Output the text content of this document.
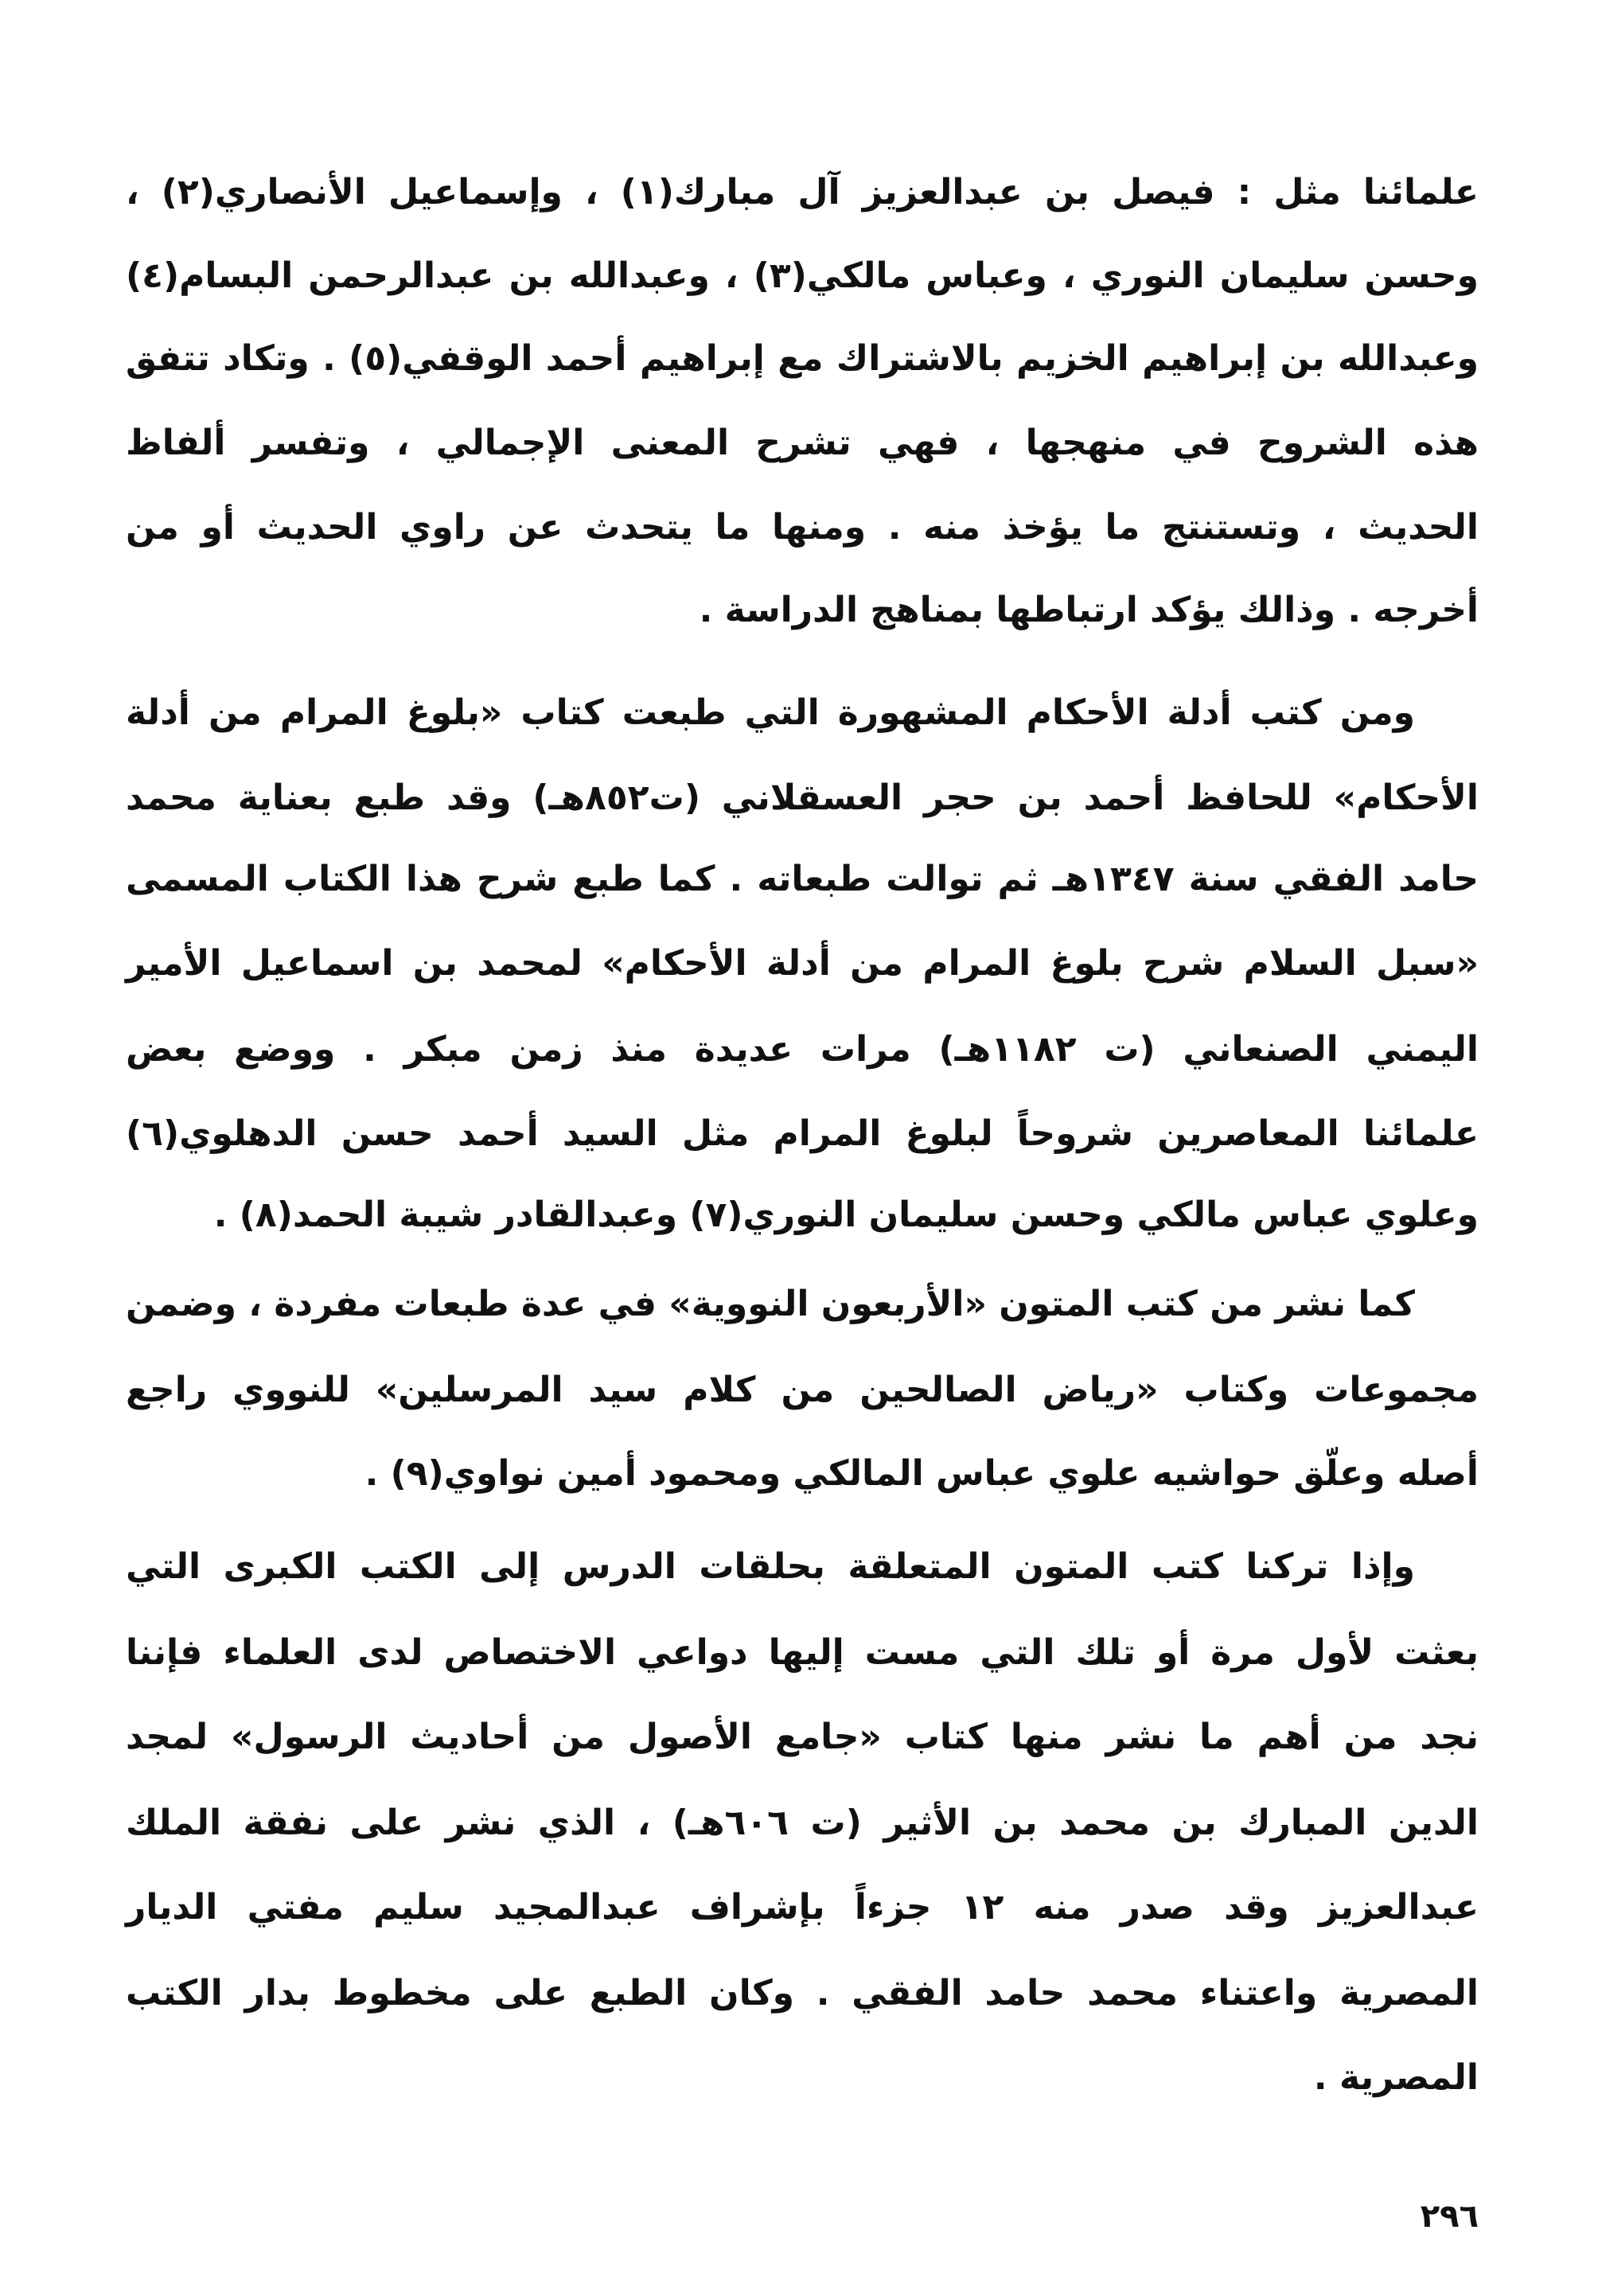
علمائنا مثل : فيصل بن عبدالعزيز آل مبارك(١) ، وإسماعيل الأنصاري(٢) ،
وحسن سليمان النوري ، وعباس مالكي(٣) ، وعبدالله بن عبدالرحمن البسام(٤)
وعبدالله بن إبراهيم الخزيم بالاشتراك مع إبراهيم أحمد الوقفي(٥) . وتكاد تتفق
هذه الشروح في منهجها ، فهي تشرح المعنى الإجمالي ، وتفسر ألفاظ
الحديث ، وتستنتج ما يؤخذ منه . ومنها ما يتحدث عن راوي الحديث أو من
أخرجه . وذالك يؤكد ارتباطها بمناهج الدراسة .
ومن كتب أدلة الأحكام المشهورة التي طبعت كتاب «بلوغ المرام من أدلة
الأحكام» للحافظ أحمد بن حجر العسقلاني (ت٨٥٢هـ) وقد طبع بعناية محمد
حامد الفقي سنة ١٣٤٧هـ ثم توالت طبعاته . كما طبع شرح هذا الكتاب المسمى
«سبل السلام شرح بلوغ المرام من أدلة الأحكام» لمحمد بن اسماعيل الأمير
اليمني الصنعاني (ت ١١٨٢هـ) مرات عديدة منذ زمن مبكر . ووضع بعض
علمائنا المعاصرين شروحاً لبلوغ المرام مثل السيد أحمد حسن الدهلوي(٦)
وعلوي عباس مالكي وحسن سليمان النوري(٧) وعبدالقادر شيبة الحمد(٨) .
كما نشر من كتب المتون «الأربعون النووية» في عدة طبعات مفردة ، وضمن
مجموعات وكتاب «رياض الصالحين من كلام سيد المرسلين» للنووي راجع
أصله وعلّق حواشيه علوي عباس المالكي ومحمود أمين نواوي(٩) .
وإذا تركنا كتب المتون المتعلقة بحلقات الدرس إلى الكتب الكبرى التي
بعثت لأول مرة أو تلك التي مست إليها دواعي الاختصاص لدى العلماء فإننا
نجد من أهم ما نشر منها كتاب «جامع الأصول من أحاديث الرسول» لمجد
الدين المبارك بن محمد بن الأثير (ت ٦٠٦هـ) ، الذي نشر على نفقة الملك
عبدالعزيز وقد صدر منه ١٢ جزءاً بإشراف عبدالمجيد سليم مفتي الديار
المصرية واعتناء محمد حامد الفقي . وكان الطبع على مخطوط بدار الكتب
المصرية .
٢٩٦
